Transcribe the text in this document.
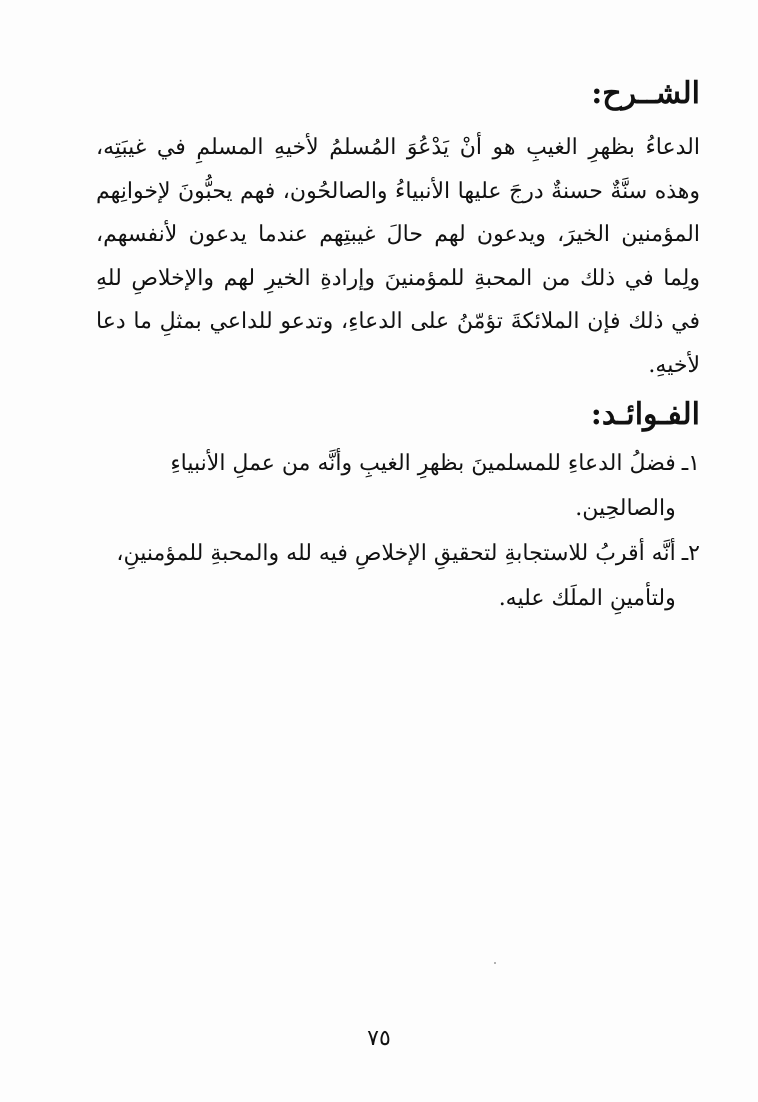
الشــرح:

الدعاءُ بظهرِ الغيبِ هو أنْ يَدْعُوَ المُسلمُ لأخيهِ المسلمِ في غيبَتِه، وهذه سنَّةٌ حسنةٌ درجَ عليها الأنبياءُ والصالحُون، فهم يحبُّونَ لإخوانِهم المؤمنين الخيرَ، ويدعون لهم حالَ غيبتِهم عندما يدعون لأنفسهم، ولِما في ذلك من المحبةِ للمؤمنينَ وإرادةِ الخيرِ لهم والإخلاصِ للهِ في ذلك فإن الملائكةَ تؤمّنُ على الدعاءِ، وتدعو للداعي بمثلِ ما دعا لأخيهِ.

الفـوائـد:
١ـ
فضلُ الدعاءِ للمسلمينَ بظهرِ الغيبِ وأنَّه من عملِ الأنبياءِ والصالحِين.
٢ـ
أنَّه أقربُ للاستجابةِ لتحقيقِ الإخلاصِ فيه لله والمحبةِ للمؤمنينِ، ولتأمينِ الملَك عليه.
٧٥
